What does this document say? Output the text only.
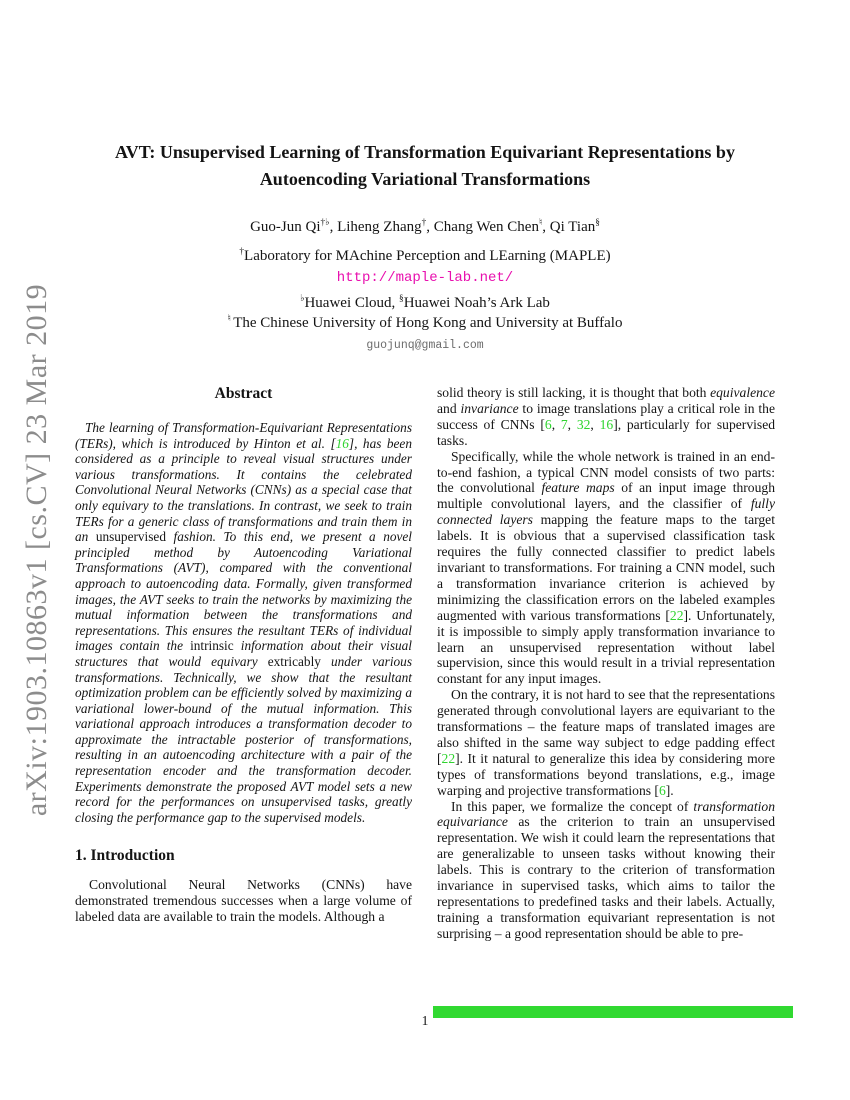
arXiv:1903.10863v1 [cs.CV] 23 Mar 2019
AVT: Unsupervised Learning of Transformation Equivariant Representations by
Autoencoding Variational Transformations
Guo-Jun Qi†♭, Liheng Zhang†, Chang Wen Chen♮, Qi Tian§
†Laboratory for MAchine Perception and LEarning (MAPLE)
http://maple-lab.net/
♭Huawei Cloud, §Huawei Noah’s Ark Lab
♮ The Chinese University of Hong Kong and University at Buffalo
guojunq@gmail.com
Abstract

The learning of Transformation-Equivariant Representations (TERs), which is introduced by Hinton et al. [16], has been considered as a principle to reveal visual structures under various transformations. It contains the celebrated Convolutional Neural Networks (CNNs) as a special case that only equivary to the translations. In contrast, we seek to train TERs for a generic class of transformations and train them in an unsupervised fashion. To this end, we present a novel principled method by Autoencoding Variational Transformations (AVT), compared with the conventional approach to autoencoding data. Formally, given transformed images, the AVT seeks to train the networks by maximizing the mutual information between the transformations and representations. This ensures the resultant TERs of individual images contain the intrinsic information about their visual structures that would equivary extricably under various transformations. Technically, we show that the resultant optimization problem can be efficiently solved by maximizing a variational lower-bound of the mutual information. This variational approach introduces a transformation decoder to approximate the intractable posterior of transformations, resulting in an autoencoding architecture with a pair of the representation encoder and the transformation decoder. Experiments demonstrate the proposed AVT model sets a new record for the performances on unsupervised tasks, greatly closing the performance gap to the supervised models.

1. Introduction

Convolutional Neural Networks (CNNs) have demonstrated tremendous successes when a large volume of labeled data are available to train the models. Although a

solid theory is still lacking, it is thought that both equivalence and invariance to image translations play a critical role in the success of CNNs [6, 7, 32, 16], particularly for supervised tasks.

Specifically, while the whole network is trained in an end-to-end fashion, a typical CNN model consists of two parts: the convolutional feature maps of an input image through multiple convolutional layers, and the classifier of fully connected layers mapping the feature maps to the target labels. It is obvious that a supervised classification task requires the fully connected classifier to predict labels invariant to transformations. For training a CNN model, such a transformation invariance criterion is achieved by minimizing the classification errors on the labeled examples augmented with various transformations [22]. Unfortunately, it is impossible to simply apply transformation invariance to learn an unsupervised representation without label supervision, since this would result in a trivial representation constant for any input images.

On the contrary, it is not hard to see that the representations generated through convolutional layers are equivariant to the transformations – the feature maps of translated images are also shifted in the same way subject to edge padding effect [22]. It it natural to generalize this idea by considering more types of transformations beyond translations, e.g., image warping and projective transformations [6].

In this paper, we formalize the concept of transformation equivariance as the criterion to train an unsupervised representation. We wish it could learn the representations that are generalizable to unseen tasks without knowing their labels. This is contrary to the criterion of transformation invariance in supervised tasks, which aims to tailor the representations to predefined tasks and their labels. Actually, training a transformation equivariant representation is not surprising – a good representation should be able to pre-

1
